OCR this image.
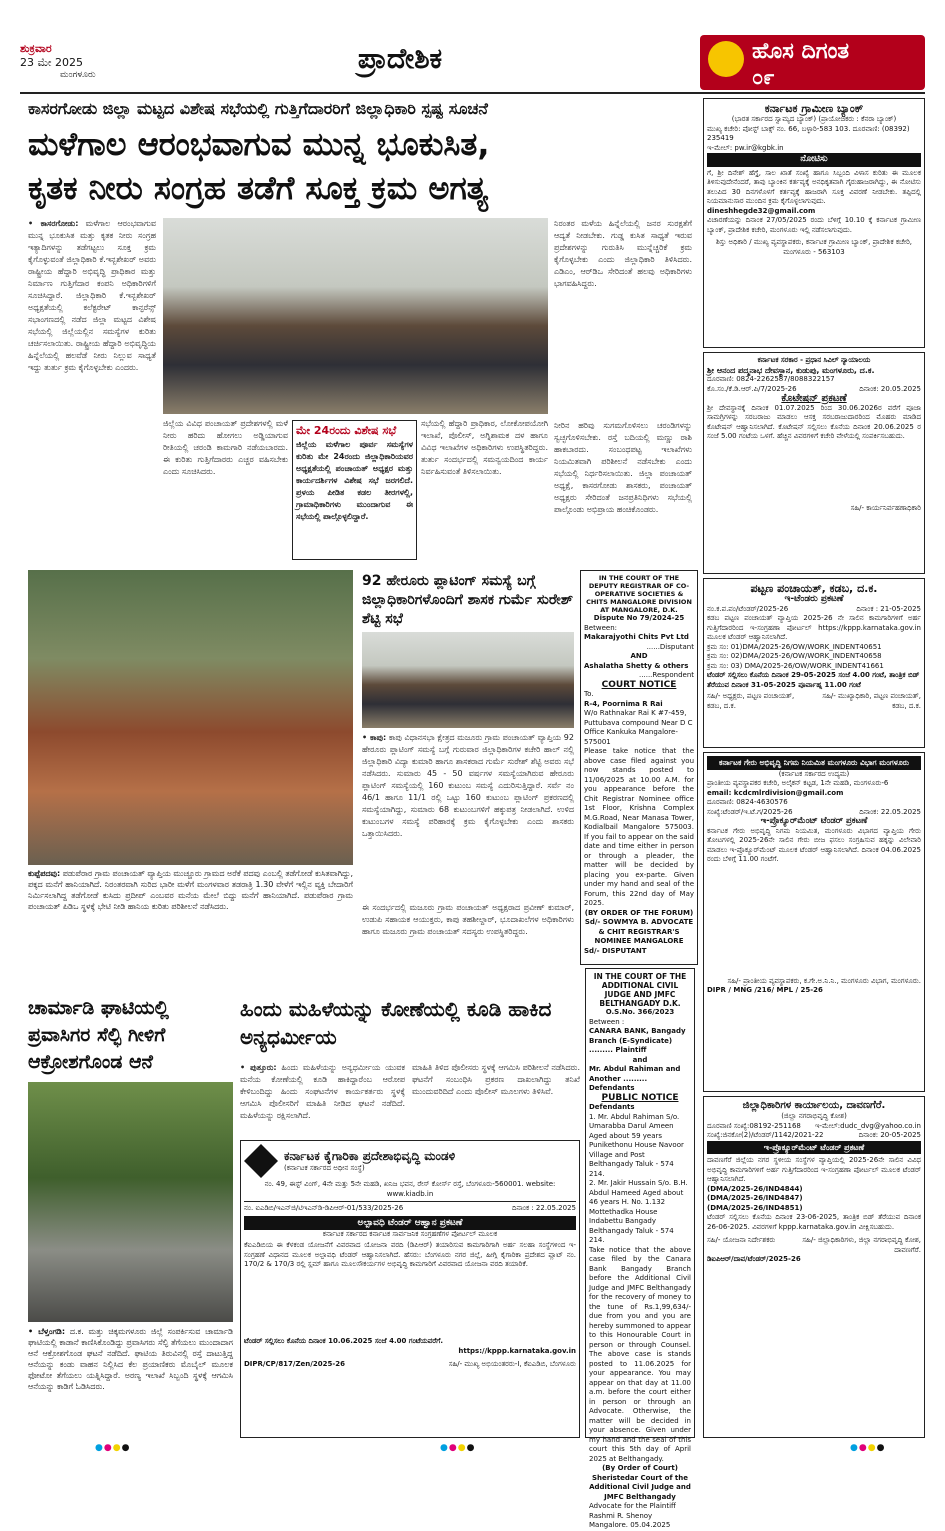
ಶುಕ್ರವಾರ
23 ಮೇ 2025
ಮಂಗಳೂರು	ಪ್ರಾದೇಶಿಕ	ಹೊಸ ದಿಗಂತ
೦೯
ಕಾಸರಗೋಡು ಜಿಲ್ಲಾ ಮಟ್ಟದ ವಿಶೇಷ ಸಭೆಯಲ್ಲಿ ಗುತ್ತಿಗೆದಾರರಿಗೆ ಜಿಲ್ಲಾಧಿಕಾರಿ ಸ್ಪಷ್ಟ ಸೂಚನೆ
ಮಳೆಗಾಲ ಆರಂಭವಾಗುವ ಮುನ್ನ ಭೂಕುಸಿತ,
ಕೃತಕ ನೀರು ಸಂಗ್ರಹ ತಡೆಗೆ ಸೂಕ್ತ ಕ್ರಮ ಅಗತ್ಯ
• ಕಾಸರಗೋಡು: ಮಳೆಗಾಲ ಆರಂಭವಾಗುವ ಮುನ್ನ ಭೂಕುಸಿತ ಮತ್ತು ಕೃತಕ ನೀರು ಸಂಗ್ರಹ ಇತ್ಯಾದಿಗಳನ್ನು ತಡೆಗಟ್ಟಲು ಸೂಕ್ತ ಕ್ರಮ ಕೈಗೊಳ್ಳುವಂತೆ ಜಿಲ್ಲಾಧಿಕಾರಿ ಕೆ.ಇನ್ಬಶೇಖರ್ ಅವರು ರಾಷ್ಟ್ರೀಯ ಹೆದ್ದಾರಿ ಅಭಿವೃದ್ಧಿ ಪ್ರಾಧಿಕಾರ ಮತ್ತು ನಿರ್ಮಾಣ ಗುತ್ತಿಗೆದಾರ ಕಂಪನಿ ಅಧಿಕಾರಿಗಳಿಗೆ ಸೂಚಿಸಿದ್ದಾರೆ. ಜಿಲ್ಲಾಧಿಕಾರಿ ಕೆ.ಇನ್ಬಶೇಖರ್ ಅಧ್ಯಕ್ಷತೆಯಲ್ಲಿ ಕಲೆಕ್ಟರೇಟ್ ಕಾನ್ಫರೆನ್ಸ್ ಸಭಾಂಗಣದಲ್ಲಿ ನಡೆದ ಜಿಲ್ಲಾ ಮಟ್ಟದ ವಿಶೇಷ ಸಭೆಯಲ್ಲಿ ಜಿಲ್ಲೆಯಲ್ಲಿನ ಸಮಸ್ಯೆಗಳ ಕುರಿತು ಚರ್ಚಿಸಲಾಯಿತು. ರಾಷ್ಟ್ರೀಯ ಹೆದ್ದಾರಿ ಅಭಿವೃದ್ಧಿಯ ಹಿನ್ನೆಲೆಯಲ್ಲಿ ಹಲವೆಡೆ ನೀರು ನಿಲ್ಲುವ ಸಾಧ್ಯತೆ ಇದ್ದು ತುರ್ತು ಕ್ರಮ ಕೈಗೊಳ್ಳಬೇಕು ಎಂದರು.
ಜಿಲ್ಲೆಯ ವಿವಿಧ ಪಂಚಾಯತ್ ಪ್ರದೇಶಗಳಲ್ಲಿ ಮಳೆ ನೀರು ಹರಿದು ಹೋಗಲು ಅಡ್ಡಿಯಾಗುವ ರೀತಿಯಲ್ಲಿ ಚರಂಡಿ ಕಾಮಗಾರಿ ನಡೆಯಬಾರದು. ಈ ಕುರಿತು ಗುತ್ತಿಗೆದಾರರು ಎಚ್ಚರ ವಹಿಸಬೇಕು ಎಂದು ಸೂಚಿಸಿದರು.
ಮೇ 24ರಂದು ವಿಶೇಷ ಸಭೆ
ಜಿಲ್ಲೆಯ ಮಳೆಗಾಲ ಪೂರ್ವ ಸಮಸ್ಯೆಗಳ ಕುರಿತು ಮೇ 24ರಂದು ಜಿಲ್ಲಾಧಿಕಾರಿಯವರ ಅಧ್ಯಕ್ಷತೆಯಲ್ಲಿ ಪಂಚಾಯತ್ ಅಧ್ಯಕ್ಷರ ಮತ್ತು ಕಾರ್ಯದರ್ಶಿಗಳ ವಿಶೇಷ ಸಭೆ ಜರಗಲಿದೆ. ಪ್ರಳಯ ಪೀಡಿತ ಕಡಲ ತೀರಗಳಲ್ಲಿ, ಗ್ರಾಮಾಧಿಕಾರಿಗಳು ಮುಂದಾಗುವ ಈ ಸಭೆಯಲ್ಲಿ ಪಾಲ್ಗೊಳ್ಳಲಿದ್ದಾರೆ.
ಸಭೆಯಲ್ಲಿ ಹೆದ್ದಾರಿ ಪ್ರಾಧಿಕಾರ, ಲೋಕೋಪಯೋಗಿ ಇಲಾಖೆ, ಪೊಲೀಸ್, ಅಗ್ನಿಶಾಮಕ ದಳ ಹಾಗೂ ವಿವಿಧ ಇಲಾಖೆಗಳ ಅಧಿಕಾರಿಗಳು ಉಪಸ್ಥಿತರಿದ್ದರು. ತುರ್ತು ಸಂದರ್ಭದಲ್ಲಿ ಸಮನ್ವಯದಿಂದ ಕಾರ್ಯ ನಿರ್ವಹಿಸುವಂತೆ ತಿಳಿಸಲಾಯಿತು.
ನಿರಂತರ ಮಳೆಯ ಹಿನ್ನೆಲೆಯಲ್ಲಿ ಜನರ ಸುರಕ್ಷತೆಗೆ ಆದ್ಯತೆ ನೀಡಬೇಕು. ಗುಡ್ಡ ಕುಸಿತ ಸಾಧ್ಯತೆ ಇರುವ ಪ್ರದೇಶಗಳನ್ನು ಗುರುತಿಸಿ ಮುನ್ನೆಚ್ಚರಿಕೆ ಕ್ರಮ ಕೈಗೊಳ್ಳಬೇಕು ಎಂದು ಜಿಲ್ಲಾಧಿಕಾರಿ ತಿಳಿಸಿದರು. ಎಡಿಎಂ, ಆರ್‌ಡಿಒ ಸೇರಿದಂತೆ ಹಲವು ಅಧಿಕಾರಿಗಳು ಭಾಗವಹಿಸಿದ್ದರು.
ನೀರಿನ ಹರಿವು ಸುಗಮಗೊಳಿಸಲು ಚರಂಡಿಗಳನ್ನು ಸ್ವಚ್ಛಗೊಳಿಸಬೇಕು. ರಸ್ತೆ ಬದಿಯಲ್ಲಿ ಮಣ್ಣು ರಾಶಿ ಹಾಕಬಾರದು. ಸಂಬಂಧಪಟ್ಟ ಇಲಾಖೆಗಳು ನಿಯಮಿತವಾಗಿ ಪರಿಶೀಲನೆ ನಡೆಸಬೇಕು ಎಂದು ಸಭೆಯಲ್ಲಿ ನಿರ್ಧರಿಸಲಾಯಿತು. ಜಿಲ್ಲಾ ಪಂಚಾಯತ್ ಅಧ್ಯಕ್ಷೆ, ಕಾಸರಗೋಡು ಶಾಸಕರು, ಪಂಚಾಯತ್ ಅಧ್ಯಕ್ಷರು ಸೇರಿದಂತೆ ಜನಪ್ರತಿನಿಧಿಗಳು ಸಭೆಯಲ್ಲಿ ಪಾಲ್ಗೊಂಡು ಅಭಿಪ್ರಾಯ ಹಂಚಿಕೊಂಡರು.
ಕುಪ್ಪೆಪದವು: ಪಡುಪೆರಾರ ಗ್ರಾಮ ಪಂಚಾಯತ್ ವ್ಯಾಪ್ತಿಯ ಮುಚ್ಚೂರು ಗ್ರಾಮದ ಅರೆಕೆ ಪದವು ಎಂಬಲ್ಲಿ ತಡೆಗೋಡೆ ಕುಸಿತವಾಗಿದ್ದು, ಪಕ್ಕದ ಮನೆಗೆ ಹಾನಿಯಾಗಿದೆ. ನಿರಂತರವಾಗಿ ಸುರಿದ ಭಾರೀ ಮಳೆಗೆ ಮಂಗಳವಾರ ತಡರಾತ್ರಿ 1.30 ವೇಳೆಗೆ ಇಲ್ಲಿನ ವ್ಯಕ್ತಿ ಬೇದಾರಿಗೆ ನಿರ್ಮಿಸಲಾಗಿದ್ದ ತಡೆಗೋಡೆ ಕುಸಿದು ಪ್ರದೀಪ್ ಎಂಬವರ ಮನೆಯ ಮೇಲೆ ಬಿದ್ದು ಮನೆಗೆ ಹಾನಿಯಾಗಿದೆ. ಪಡುಪೆರಾರ ಗ್ರಾಮ ಪಂಚಾಯತ್ ಪಿಡಿಒ ಸ್ಥಳಕ್ಕೆ ಭೇಟಿ ನೀಡಿ ಹಾನಿಯ ಕುರಿತು ಪರಿಶೀಲನೆ ನಡೆಸಿದರು.
92 ಹೇರೂರು ಪ್ಲಾಟಿಂಗ್ ಸಮಸ್ಯೆ ಬಗ್ಗೆ ಜಿಲ್ಲಾಧಿಕಾರಿಗಳೊಂದಿಗೆ ಶಾಸಕ ಗುರ್ಮೆ ಸುರೇಶ್ ಶೆಟ್ಟಿ ಸಭೆ
• ಕಾಪು: ಕಾಪು ವಿಧಾನಸಭಾ ಕ್ಷೇತ್ರದ ಮಜೂರು ಗ್ರಾಮ ಪಂಚಾಯತ್ ವ್ಯಾಪ್ತಿಯ 92 ಹೇರೂರು ಪ್ಲಾಟಿಂಗ್ ಸಮಸ್ಯೆ ಬಗ್ಗೆ ಗುರುವಾರ ಜಿಲ್ಲಾಧಿಕಾರಿಗಳ ಕಚೇರಿ ಹಾಲ್ ನಲ್ಲಿ ಜಿಲ್ಲಾಧಿಕಾರಿ ವಿದ್ಯಾ ಕುಮಾರಿ ಹಾಗೂ ಶಾಸಕರಾದ ಗುರ್ಮೆ ಸುರೇಶ್ ಶೆಟ್ಟಿ ಅವರು ಸಭೆ ನಡೆಸಿದರು. ಸುಮಾರು 45 - 50 ವರ್ಷಗಳ ಸಮಸ್ಯೆಯಾಗಿರುವ ಹೇರೂರು ಪ್ಲಾಟಿಂಗ್ ಸಮಸ್ಯೆಯಲ್ಲಿ 160 ಕುಟುಂಬ ಸಮಸ್ಯೆ ಎದುರಿಸುತ್ತಿದ್ದಾರೆ. ಸರ್ವೆ ನಂ 46/1 ಹಾಗೂ 11/1 ರಲ್ಲಿ ಒಟ್ಟು 160 ಕುಟುಂಬ ಪ್ಲಾಟಿಂಗ್ ಪ್ರಕರಣದಲ್ಲಿ ಸಮಸ್ಯೆಯಾಗಿದ್ದು, ಸುಮಾರು 68 ಕುಟುಂಬಗಳಿಗೆ ಹಕ್ಕುಪತ್ರ ನೀಡಲಾಗಿದೆ. ಉಳಿದ ಕುಟುಂಬಗಳ ಸಮಸ್ಯೆ ಪರಿಹಾರಕ್ಕೆ ಕ್ರಮ ಕೈಗೊಳ್ಳಬೇಕು ಎಂದು ಶಾಸಕರು ಒತ್ತಾಯಿಸಿದರು.
ಈ ಸಂದರ್ಭದಲ್ಲಿ ಮಜೂರು ಗ್ರಾಮ ಪಂಚಾಯತ್ ಅಧ್ಯಕ್ಷರಾದ ಪ್ರವೀಣ್ ಕುಮಾರ್, ಉಡುಪಿ ಸಹಾಯಕ ಆಯುಕ್ತರು, ಕಾಪು ತಹಶೀಲ್ದಾರ್, ಭೂದಾಖಲೆಗಳ ಅಧಿಕಾರಿಗಳು ಹಾಗೂ ಮಜೂರು ಗ್ರಾಮ ಪಂಚಾಯತ್ ಸದಸ್ಯರು ಉಪಸ್ಥಿತರಿದ್ದರು.
IN THE COURT OF THE DEPUTY REGISTRAR OF CO-OPERATIVE SOCIETIES & CHITS MANGALORE DIVISION AT MANGALORE, D.K.
Dispute No 79/2024-25
Between:
Makarajyothi Chits Pvt Ltd
......Disputant
AND
Ashalatha Shetty & others
......Respondent
COURT NOTICE
To.
R-4, Poornima R Rai
W/o Rathnakar Rai K #7-459, Puttubava compound Near D C Office Kankuka Mangalore-575001
Please take notice that the above case filed against you now stands posted to 11/06/2025 at 10.00 A.M. for you appearance before the Chit Registrar Nominee office 1st Floor, Krishna Complex M.G.Road, Near Manasa Tower, Kodialbail Mangalore 575003. If you fail to appear on the said date and time either in person or through a pleader, the matter will be decided by placing you ex-parte. Given under my hand and seal of the Forum, this 22nd day of May 2025.
(BY ORDER OF THE FORUM)
Sd/- SOWMYA B. ADVOCATE & CHIT REGISTRAR'S NOMINEE MANGALORE
Sd/- DISPUTANT
IN THE COURT OF THE ADDITIONAL CIVIL JUDGE AND JMFC BELTHANGADY D.K.
O.S.No. 366/2023
Between :
CANARA BANK, Bangady Branch (E-Syndicate) ......... Plaintiff
and
Mr. Abdul Rahiman and Another ......... Defendants
PUBLIC NOTICE
Defendants
1. Mr. Abdul Rahiman S/o. Umarabba Darul Ameen Aged about 59 years Punikethonu House Navoor Village and Post Belthangady Taluk - 574 214.
2. Mr. Jakir Hussain S/o. B.H. Abdul Hameed Aged about 46 years H. No. 1.132 Mottethadka House Indabettu Bangady Belthangady Taluk - 574 214.
Take notice that the above case filed by the Canara Bank Bangady Branch before the Additional Civil Judge and JMFC Belthangady for the recovery of money to the tune of Rs.1,99,634/- due from you and you are hereby summoned to appear to this Honourable Court in person or through Counsel. The above case is stands posted to 11.06.2025 for your appearance. You may appear on that day at 11.00 a.m. before the court either in person or through an Advocate. Otherwise, the matter will be decided in your absence. Given under my hand and the seal of this court this 5th day of April 2025 at Belthangady.
(By Order of Court) Sheristedar Court of the Additional Civil Judge and JMFC Belthangady
Advocate for the Plaintiff Rashmi R. Shenoy Mangalore. 05.04.2025
ಚಾರ್ಮಾಡಿ ಘಾಟಿಯಲ್ಲಿ ಪ್ರವಾಸಿಗರ ಸೆಲ್ಫಿ ಗೀಳಿಗೆ ಆಕ್ರೋಶಗೊಂಡ ಆನೆ
• ಬೆಳ್ತಂಗಡಿ: ದ.ಕ. ಮತ್ತು ಚಿಕ್ಕಮಗಳೂರು ಜಿಲ್ಲೆ ಸಂಪರ್ಕಿಸುವ ಚಾರ್ಮಾಡಿ ಘಾಟಿಯಲ್ಲಿ ಕಾಡಾನೆ ಕಾಣಿಸಿಕೊಂಡಿದ್ದು ಪ್ರವಾಸಿಗರು ಸೆಲ್ಫಿ ತೆಗೆಯಲು ಮುಂದಾದಾಗ ಆನೆ ಆಕ್ರೋಶಗೊಂಡ ಘಟನೆ ನಡೆದಿದೆ. ಘಾಟಿಯ ತಿರುವಿನಲ್ಲಿ ರಸ್ತೆ ದಾಟುತ್ತಿದ್ದ ಆನೆಯನ್ನು ಕಂಡು ವಾಹನ ನಿಲ್ಲಿಸಿದ ಕೆಲ ಪ್ರಯಾಣಿಕರು ಮೊಬೈಲ್ ಮೂಲಕ ಫೋಟೋ ತೆಗೆಯಲು ಯತ್ನಿಸಿದ್ದಾರೆ. ಅರಣ್ಯ ಇಲಾಖೆ ಸಿಬ್ಬಂದಿ ಸ್ಥಳಕ್ಕೆ ಆಗಮಿಸಿ ಆನೆಯನ್ನು ಕಾಡಿಗೆ ಓಡಿಸಿದರು.
ಹಿಂದು ಮಹಿಳೆಯನ್ನು ಕೋಣೆಯಲ್ಲಿ ಕೂಡಿ ಹಾಕಿದ ಅನ್ಯಧರ್ಮೀಯ
• ಪುತ್ತೂರು: ಹಿಂದು ಮಹಿಳೆಯನ್ನು ಅನ್ಯಧರ್ಮೀಯ ಯುವಕ ಮನೆಯ ಕೋಣೆಯಲ್ಲಿ ಕೂಡಿ ಹಾಕಿದ್ದಾರೆಂಬ ಆರೋಪ ಕೇಳಿಬಂದಿದ್ದು ಹಿಂದು ಸಂಘಟನೆಗಳ ಕಾರ್ಯಕರ್ತರು ಸ್ಥಳಕ್ಕೆ ಆಗಮಿಸಿ ಪೊಲೀಸರಿಗೆ ಮಾಹಿತಿ ನೀಡಿದ ಘಟನೆ ನಡೆದಿದೆ. ಮಹಿಳೆಯನ್ನು ರಕ್ಷಿಸಲಾಗಿದೆ.
ಮಾಹಿತಿ ತಿಳಿದ ಪೊಲೀಸರು ಸ್ಥಳಕ್ಕೆ ಆಗಮಿಸಿ ಪರಿಶೀಲನೆ ನಡೆಸಿದರು. ಘಟನೆಗೆ ಸಂಬಂಧಿಸಿ ಪ್ರಕರಣ ದಾಖಲಾಗಿದ್ದು ತನಿಖೆ ಮುಂದುವರಿದಿದೆ ಎಂದು ಪೊಲೀಸ್ ಮೂಲಗಳು ತಿಳಿಸಿವೆ.
ಕರ್ನಾಟಕ ಕೈಗಾರಿಕಾ ಪ್ರದೇಶಾಭಿವೃದ್ಧಿ ಮಂಡಳಿ
(ಕರ್ನಾಟಕ ಸರ್ಕಾರದ ಅಧೀನ ಸಂಸ್ಥೆ)
ನಂ. 49, ಈಸ್ಟ್ ವಿಂಗ್, 4ನೇ ಮತ್ತು 5ನೇ ಮಹಡಿ, ಖನಿಜ ಭವನ, ರೇಸ್ ಕೋರ್ಸ್ ರಸ್ತೆ, ಬೆಂಗಳೂರು-560001. website: www.kiadb.in
ನಂ. ಐಎಡಿಬಿ/ಇಎನ್‌ಜಿ/ಟಿಇಎನ್‌ಡಿ-ಡಿಪಿಆರ್-01/533/2025-26	ದಿನಾಂಕ : 22.05.2025
ಅಲ್ಪಾವಧಿ ಟೆಂಡರ್ ಆಹ್ವಾನ ಪ್ರಕಟಣೆ
ಕರ್ನಾಟಕ ಸರ್ಕಾರದ ಕರ್ನಾಟಕ ಸಾರ್ವಜನಿಕ ಸಂಗ್ರಹಣೆಗಳ ಪೋರ್ಟಲ್ ಮೂಲಕ
ಕೆಐಎಡಿಬಿಯ ಈ ಕೆಳಕಂಡ ಯೋಜನೆಗೆ ವಿವರವಾದ ಯೋಜನಾ ವರದಿ (ಡಿಪಿಆರ್) ತಯಾರಿಸುವ ಕಾಮಗಾರಿಗಾಗಿ ಅರ್ಹ ಸಲಹಾ ಸಂಸ್ಥೆಗಳಿಂದ ಇ-ಸಂಗ್ರಹಣೆ ವಿಧಾನದ ಮೂಲಕ ಅಲ್ಪಾವಧಿ ಟೆಂಡರ್ ಆಹ್ವಾನಿಸಲಾಗಿದೆ. ಹೆಸರು: ಬೆಂಗಳೂರು ನಗರ ಜಿಲ್ಲೆ, ಹೀಗ್ಗಿ ಕೈಗಾರಿಕಾ ಪ್ರದೇಶದ ಪ್ಲಾಟ್ ನಂ. 170/2 & 170/3 ರಲ್ಲಿ ಸ್ಲಮ್ ಹಾಗೂ ಮೂಲಸೌಕರ್ಯಗಳ ಅಭಿವೃದ್ಧಿ ಕಾಮಗಾರಿಗೆ ವಿವರವಾದ ಯೋಜನಾ ವರದಿ ತಯಾರಿಕೆ.
ಟೆಂಡರ್ ಸಲ್ಲಿಸಲು ಕೊನೆಯ ದಿನಾಂಕ 10.06.2025 ಸಂಜೆ 4.00 ಗಂಟೆಯವರೆಗೆ.
https://kppp.karnataka.gov.in
DIPR/CP/817/Zen/2025-26	ಸಹಿ/- ಮುಖ್ಯ ಅಭಿಯಂತರರು-I, ಕೆಐಎಡಿಬಿ, ಬೆಂಗಳೂರು
ಕರ್ನಾಟಕ ಗ್ರಾಮೀಣ ಬ್ಯಾಂಕ್
(ಭಾರತ ಸರ್ಕಾರದ ಸ್ವಾಮ್ಯದ ಬ್ಯಾಂಕ್) (ಪ್ರಾಯೋಜಕರು : ಕೆನರಾ ಬ್ಯಾಂಕ್)
ಮುಖ್ಯ ಕಚೇರಿ: ಪೋಸ್ಟ್ ಬಾಕ್ಸ್ ನಂ. 66, ಬಳ್ಳಾರಿ-583 103. ದೂರವಾಣಿ: (08392) 235419
ಇ-ಮೇಲ್: pw.ir@kgbk.in
ನೋಟಿಸು
ಗೆ, ಶ್ರೀ ದಿನೇಶ್ ಹೆಗ್ಡೆ, ಸಾಲ ಖಾತೆ ಸಂಖ್ಯೆ ಹಾಗೂ ಸಿಬ್ಬಂದಿ ವಿಳಾಸ ಕುರಿತು ಈ ಮೂಲಕ ತಿಳಿಸುವುದೇನೆಂದರೆ, ತಾವು ಬ್ಯಾಂಕಿನ ಕರ್ತವ್ಯಕ್ಕೆ ಅನಧಿಕೃತವಾಗಿ ಗೈರುಹಾಜರಾಗಿದ್ದು, ಈ ನೋಟಿಸು ತಲುಪಿದ 30 ದಿನಗಳೊಳಗೆ ಕರ್ತವ್ಯಕ್ಕೆ ಹಾಜರಾಗಿ ಸೂಕ್ತ ವಿವರಣೆ ನೀಡಬೇಕು. ತಪ್ಪಿದಲ್ಲಿ ನಿಯಮಾನುಸಾರ ಮುಂದಿನ ಕ್ರಮ ಕೈಗೊಳ್ಳಲಾಗುವುದು.
dineshhegde32@gmail.com
ವಿಚಾರಣೆಯನ್ನು ದಿನಾಂಕ 27/05/2025 ರಂದು ಬೆಳಿಗ್ಗೆ 10.10 ಕ್ಕೆ ಕರ್ನಾಟಕ ಗ್ರಾಮೀಣ ಬ್ಯಾಂಕ್, ಪ್ರಾದೇಶಿಕ ಕಚೇರಿ, ಮಂಗಳೂರು ಇಲ್ಲಿ ನಡೆಸಲಾಗುವುದು.
ಶಿಸ್ತು ಅಧಿಕಾರಿ / ಮುಖ್ಯ ವ್ಯವಸ್ಥಾಪಕರು, ಕರ್ನಾಟಕ ಗ್ರಾಮೀಣ ಬ್ಯಾಂಕ್, ಪ್ರಾದೇಶಿಕ ಕಚೇರಿ, ಮಂಗಳೂರು - 563103
ಕರ್ನಾಟಕ ಸರಕಾರ - ಪ್ರಧಾನ ಸಿವಿಲ್ ನ್ಯಾಯಾಲಯ
ಶ್ರೀ ಆನಂದ ಪದ್ಮನಾಭ ದೇವಸ್ಥಾನ, ಕುಡುಪು, ಮಂಗಳೂರು, ದ.ಕ.
ದೂರವಾಣಿ: 0824-2262587/8088322157
ಕೊ.ಸಂ./ಕೆ.ಡಿ.ಆರ್.ಪಿ/7/2025-26	ದಿನಾಂಕ: 20.05.2025
ಕೊಟೇಷನ್ ಪ್ರಕಟಣೆ
ಶ್ರೀ ದೇವಸ್ಥಾನಕ್ಕೆ ದಿನಾಂಕ 01.07.2025 ರಿಂದ 30.06.2026ರ ವರೆಗೆ ಪೂಜಾ ಸಾಮಗ್ರಿಗಳನ್ನು ಸರಬರಾಜು ಮಾಡಲು ಆಸಕ್ತ ಸರಬರಾಜುದಾರರಿಂದ ಮೊಹರು ಮಾಡಿದ ಕೊಟೇಷನ್ ಆಹ್ವಾನಿಸಲಾಗಿದೆ. ಕೊಟೇಷನ್ ಸಲ್ಲಿಸಲು ಕೊನೆಯ ದಿನಾಂಕ 20.06.2025 ರ ಸಂಜೆ 5.00 ಗಂಟೆಯ ಒಳಗೆ. ಹೆಚ್ಚಿನ ವಿವರಗಳಿಗೆ ಕಚೇರಿ ವೇಳೆಯಲ್ಲಿ ಸಂಪರ್ಕಿಸಬಹುದು.
ಸಹಿ/- ಕಾರ್ಯನಿರ್ವಹಣಾಧಿಕಾರಿ
ಪಟ್ಟಣ ಪಂಚಾಯತ್, ಕಡಬ, ದ.ಕ.
ಇ-ಟೆಂಡರು ಪ್ರಕಟಣೆ
ನಂ.ಕ.ಪ.ಪಂ/ಟೆಂಡರ್/2025-26	ದಿನಾಂಕ : 21-05-2025
ಕಡಬ ಪಟ್ಟಣ ಪಂಚಾಯತ್ ವ್ಯಾಪ್ತಿಯ 2025-26 ನೇ ಸಾಲಿನ ಕಾಮಗಾರಿಗಳಿಗೆ ಅರ್ಹ ಗುತ್ತಿಗೆದಾರರಿಂದ ಇ-ಸಂಗ್ರಹಣಾ ಪೋರ್ಟಲ್ https://kppp.karnataka.gov.in ಮೂಲಕ ಟೆಂಡರ್ ಆಹ್ವಾನಿಸಲಾಗಿದೆ.
ಕ್ರಮ ಸಂ: 01)DMA/2025-26/OW/WORK_INDENT40651
ಕ್ರಮ ಸಂ: 02)DMA/2025-26/OW/WORK_INDENT40658
ಕ್ರಮ ಸಂ: 03) DMA/2025-26/OW/WORK_INDENT41661
ಟೆಂಡರ್ ಸಲ್ಲಿಸಲು ಕೊನೆಯ ದಿನಾಂಕ 29-05-2025 ಸಂಜೆ 4.00 ಗಂಟೆ, ತಾಂತ್ರಿಕ ಬಿಡ್ ತೆರೆಯುವ ದಿನಾಂಕ 31-05-2025 ಪೂರ್ವಾಹ್ನ 11.00 ಗಂಟೆ
ಸಹಿ/- ಅಧ್ಯಕ್ಷರು, ಪಟ್ಟಣ ಪಂಚಾಯತ್, ಕಡಬ, ದ.ಕ.
ಸಹಿ/- ಮುಖ್ಯಾಧಿಕಾರಿ, ಪಟ್ಟಣ ಪಂಚಾಯತ್, ಕಡಬ, ದ.ಕ.
ಕರ್ನಾಟಕ ಗೇರು ಅಭಿವೃದ್ಧಿ ನಿಗಮ ನಿಯಮಿತ ಮಂಗಳೂರು ವಿಭಾಗ ಮಂಗಳೂರು
(ಕರ್ನಾಟಕ ಸರ್ಕಾರದ ಉದ್ಯಮ)
ಪ್ರಾಂತೀಯ ವ್ಯವಸ್ಥಾಪಕರ ಕಚೇರಿ, ಅಲೈಕನ್ ಕಟ್ಟಡ, 1ನೇ ಮಹಡಿ, ಮಂಗಳೂರು-6
email: kcdcmlrdivision@gmail.com
ದೂರವಾಣಿ: 0824-4630576
ಸಂಖ್ಯೆ:ಟೆಂಡರ್/ಇ.ಟೆ.ಗ/2025-26	ದಿನಾಂಕ: 22.05.2025
ಇ-ಪ್ರೊಕ್ಯೂರ್‌ಮೆಂಟ್ ಟೆಂಡರ್ ಪ್ರಕಟಣೆ
ಕರ್ನಾಟಕ ಗೇರು ಅಭಿವೃದ್ಧಿ ನಿಗಮ ನಿಯಮಿತ, ಮಂಗಳೂರು ವಿಭಾಗದ ವ್ಯಾಪ್ತಿಯ ಗೇರು ತೋಟಗಳಲ್ಲಿ 2025-26ನೇ ಸಾಲಿನ ಗೇರು ಬೀಜ ಫಸಲು ಸಂಗ್ರಹಿಸುವ ಹಕ್ಕನ್ನು ವಿಲೇವಾರಿ ಮಾಡಲು ಇ-ಪ್ರೊಕ್ಯೂರ್‌ಮೆಂಟ್ ಮೂಲಕ ಟೆಂಡರ್ ಆಹ್ವಾನಿಸಲಾಗಿದೆ. ದಿನಾಂಕ 04.06.2025 ರಂದು ಬೆಳಿಗ್ಗೆ 11.00 ಗಂಟೆಗೆ.
ಸಹಿ/- ಪ್ರಾಂತೀಯ ವ್ಯವಸ್ಥಾಪಕರು, ಕ.ಗೇ.ಅ.ನಿ.ನಿ., ಮಂಗಳೂರು ವಿಭಾಗ, ಮಂಗಳೂರು.
DIPR / MNG /216/ MPL / 25-26
ಜಿಲ್ಲಾಧಿಕಾರಿಗಳ ಕಾರ್ಯಾಲಯ, ದಾವಣಗೆರೆ.
(ಜಿಲ್ಲಾ ನಗರಾಭಿವೃದ್ಧಿ ಕೋಶ)
ದೂರವಾಣಿ ಸಂಖ್ಯೆ:08192-251168 ಇ-ಮೇಲ್:dudc_dvg@yahoo.co.in
ಸಂಖ್ಯೆ:ಜಿನಕೋ(2)/ಟೆಂಡರ್/1142/2021-22	ದಿನಾಂಕ: 20-05-2025
ಇ-ಪ್ರೊಕ್ಯೂರ್‌ಮೆಂಟ್ ಟೆಂಡರ್ ಪ್ರಕಟಣೆ
ದಾವಣಗೆರೆ ಜಿಲ್ಲೆಯ ನಗರ ಸ್ಥಳೀಯ ಸಂಸ್ಥೆಗಳ ವ್ಯಾಪ್ತಿಯಲ್ಲಿ 2025-26ನೇ ಸಾಲಿನ ವಿವಿಧ ಅಭಿವೃದ್ಧಿ ಕಾಮಗಾರಿಗಳಿಗೆ ಅರ್ಹ ಗುತ್ತಿಗೆದಾರರಿಂದ ಇ-ಸಂಗ್ರಹಣಾ ಪೋರ್ಟಲ್ ಮೂಲಕ ಟೆಂಡರ್ ಆಹ್ವಾನಿಸಲಾಗಿದೆ.
(DMA/2025-26/IND4844)
(DMA/2025-26/IND4847)
(DMA/2025-26/IND4851)
ಟೆಂಡರ್ ಸಲ್ಲಿಸಲು ಕೊನೆಯ ದಿನಾಂಕ 23-06-2025, ತಾಂತ್ರಿಕ ಬಿಡ್ ತೆರೆಯುವ ದಿನಾಂಕ 26-06-2025. ವಿವರಗಳಿಗೆ kppp.karnataka.gov.in ವೀಕ್ಷಿಸಬಹುದು.
ಸಹಿ/- ಯೋಜನಾ ನಿರ್ದೇಶಕರು	ಸಹಿ/- ಜಿಲ್ಲಾಧಿಕಾರಿಗಳು, ಜಿಲ್ಲಾ ನಗರಾಭಿವೃದ್ಧಿ ಕೋಶ, ದಾವಣಗೆರೆ.
ಡಿಐಪಿಆರ್/ದಾವ/ಟೆಂಡರ್/2025-26
●●●●	●●●●	●●●●
